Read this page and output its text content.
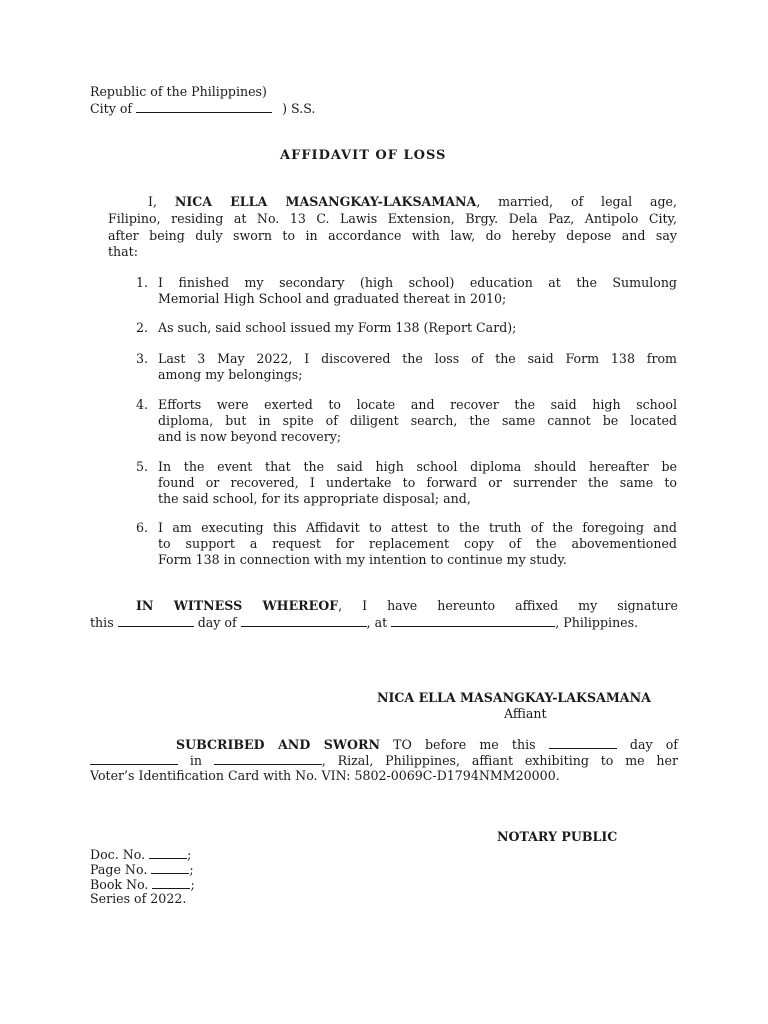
Republic of the Philippines)
City of	) S.S.
AFFIDAVIT OF LOSS
I, NICA ELLA MASANGKAY-LAKSAMANA, married, of legal age,
Filipino, residing at No. 13 C. Lawis Extension, Brgy. Dela Paz, Antipolo City,
after being duly sworn to in accordance with law, do hereby depose and say
that:
1. I finished my secondary (high school) education at the Sumulong
Memorial High School and graduated thereat in 2010;
2. As such, said school issued my Form 138 (Report Card);
3. Last 3 May 2022, I discovered the loss of the said Form 138 from
among my belongings;
4. Efforts were exerted to locate and recover the said high school
diploma, but in spite of diligent search, the same cannot be located
and is now beyond recovery;
5. In the event that the said high school diploma should hereafter be
found or recovered, I undertake to forward or surrender the same to
the said school, for its appropriate disposal; and,
6. I am executing this Affidavit to attest to the truth of the foregoing and
to support a request for replacement copy of the abovementioned
Form 138 in connection with my intention to continue my study.
IN WITNESS WHEREOF, I have hereunto affixed my signature
this	day of	, at	, Philippines.
NICA ELLA MASANGKAY-LAKSAMANA
Affiant
SUBCRIBED AND SWORN TO before me this	day of
in	, Rizal, Philippines, affiant exhibiting to me her
Voter’s Identification Card with No. VIN: 5802-0069C-D1794NMM20000.
NOTARY PUBLIC
Doc. No.	;
Page No.	;
Book No.	;
Series of 2022.
